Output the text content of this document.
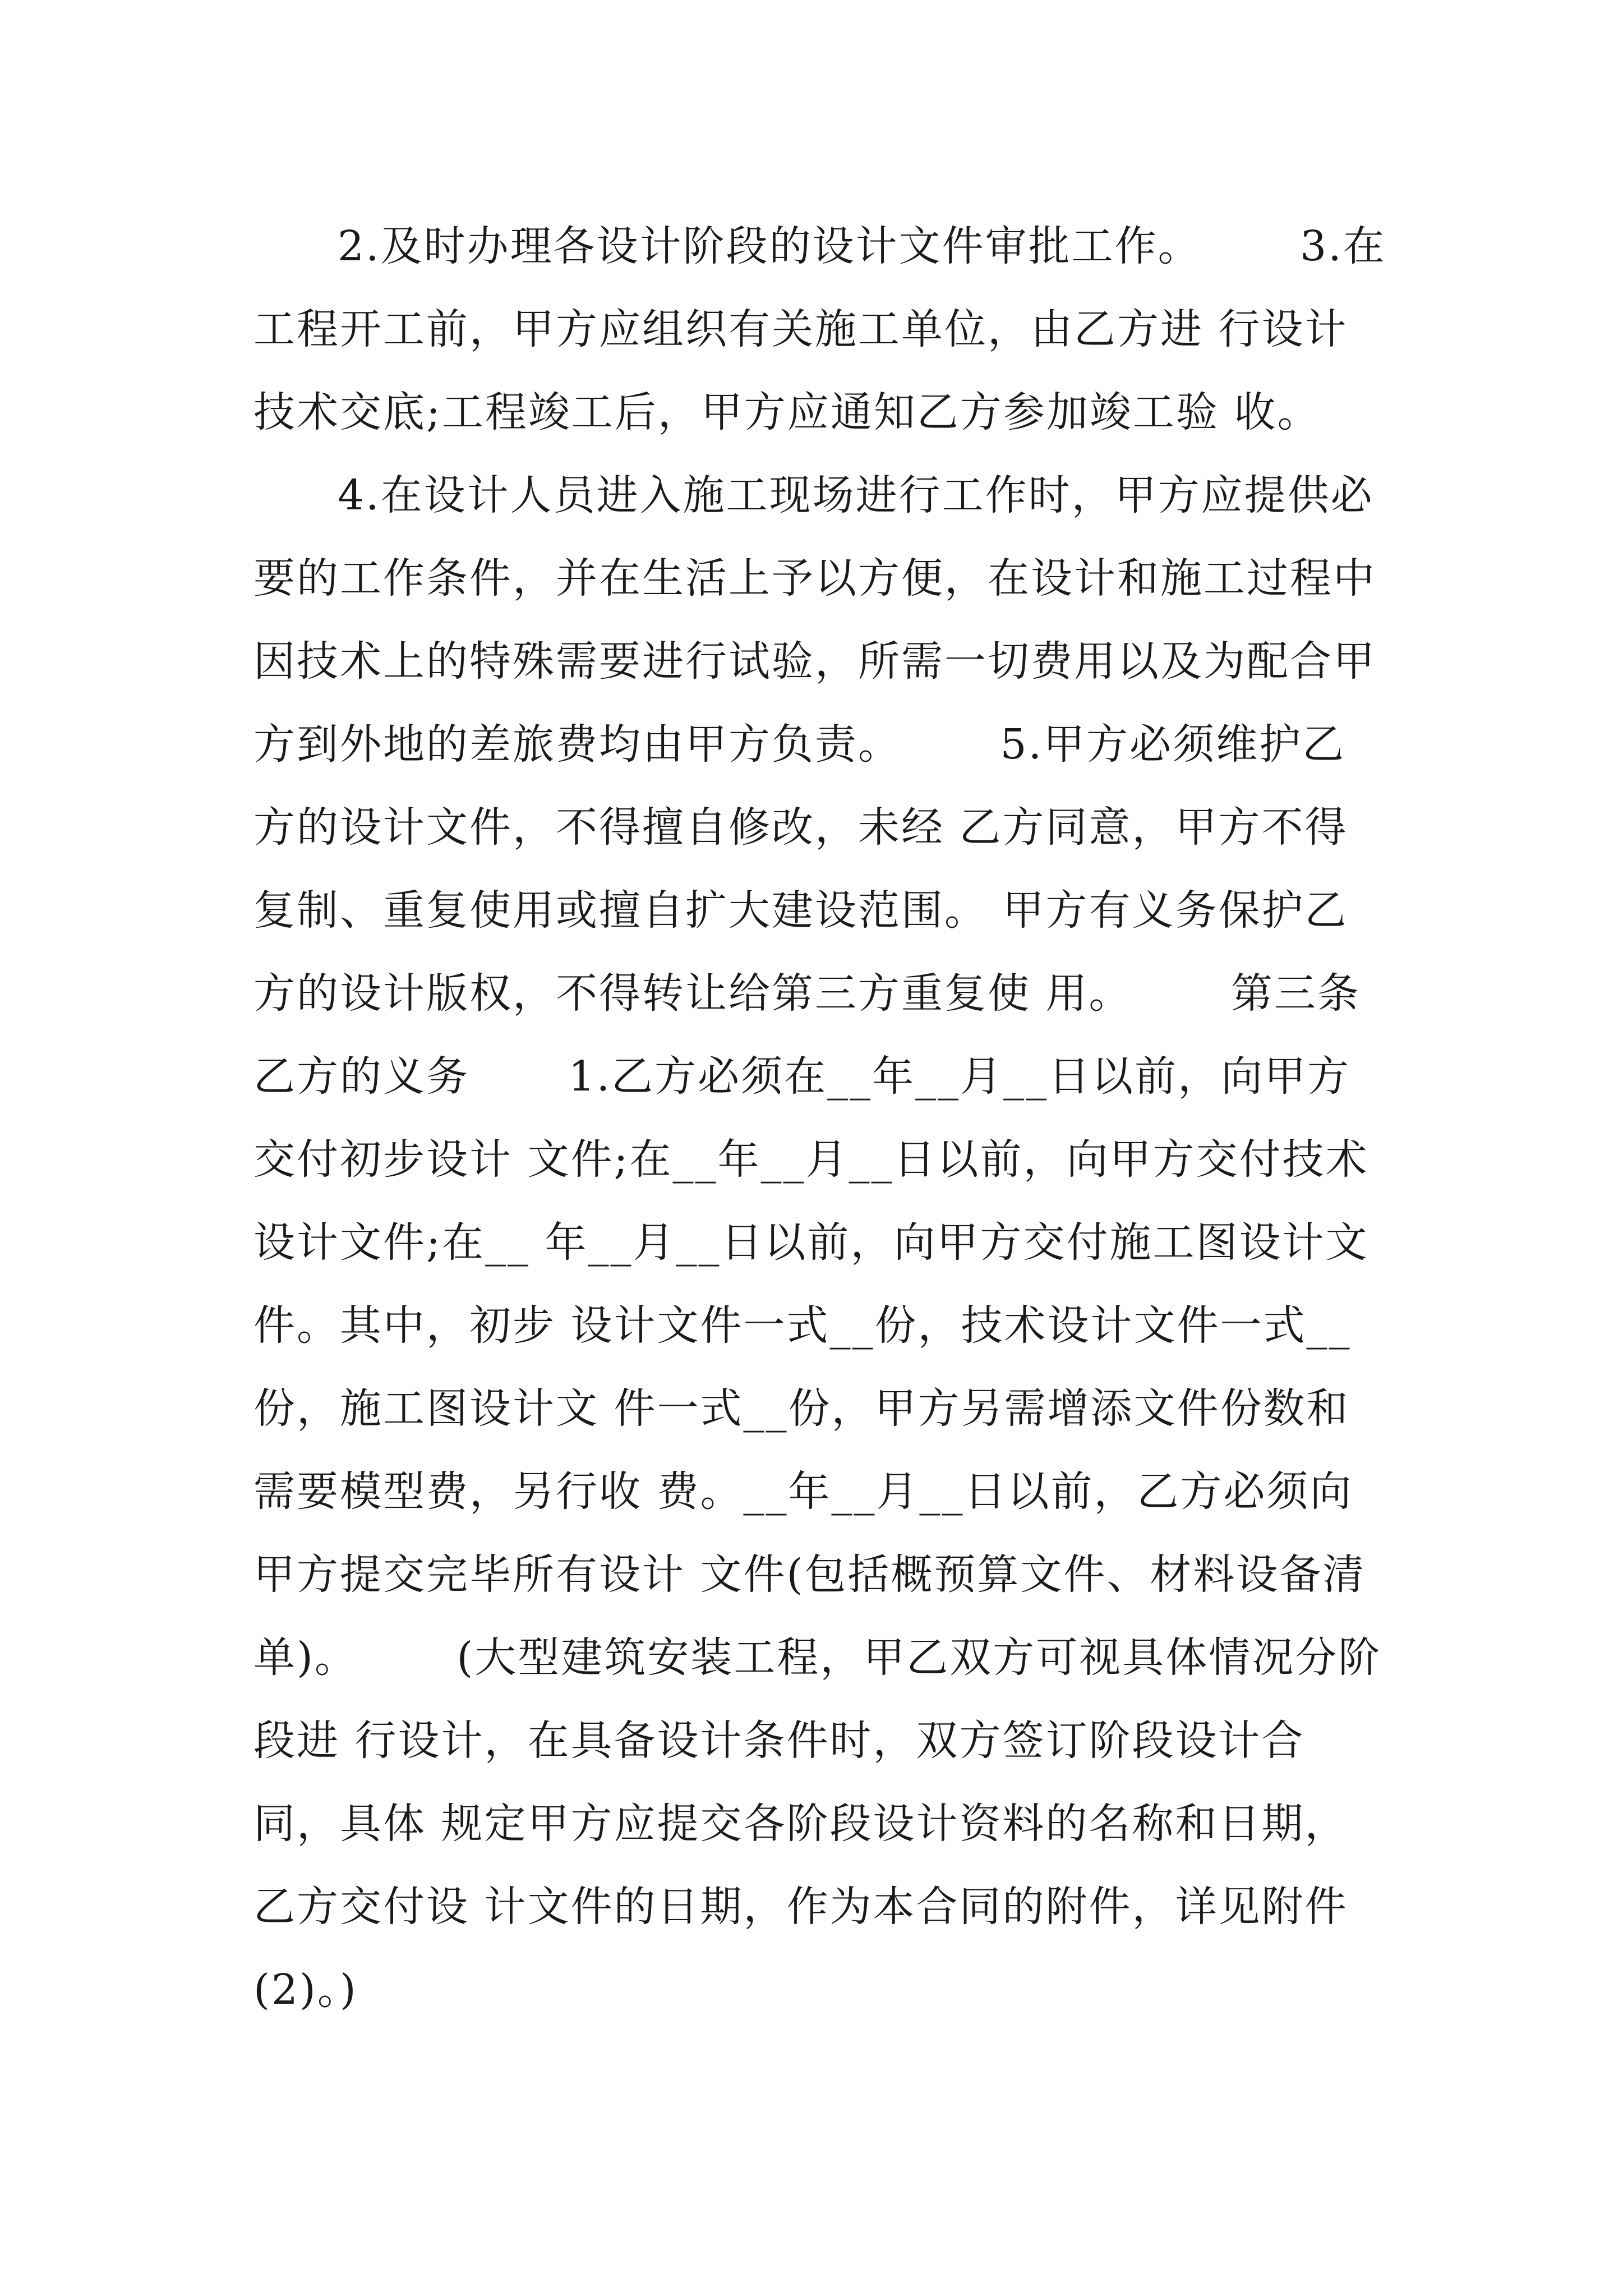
2.及时办理各设计阶段的设计文件审批工作。 3.在工程开工前，甲方应组织有关施工单位，由乙方进 行设计技术交底;工程竣工后，甲方应通知乙方参加竣工验 收。 4.在设计人员进入施工现场进行工作时，甲方应提供必 要的工作条件，并在生活上予以方便，在设计和施工过程中 因技术上的特殊需要进行试验，所需一切费用以及为配合甲 方到外地的差旅费均由甲方负责。 5.甲方必须维护乙方的设计文件，不得擅自修改，未经 乙方同意，甲方不得复制、重复使用或擅自扩大建设范围。 甲方有义务保护乙方的设计版权，不得转让给第三方重复使 用。 第三条乙方的义务 1.乙方必须在__年__月__日以前，向甲方交付初步设计 文件;在__年__月__日以前，向甲方交付技术设计文件;在__ 年__月__日以前，向甲方交付施工图设计文件。其中，初步 设计文件一式__份，技术设计文件一式__份，施工图设计文 件一式__份，甲方另需增添文件份数和需要模型费，另行收 费。__年__月__日以前，乙方必须向甲方提交完毕所有设计 文件(包括概预算文件、材料设备清单)。 (大型建筑安装工程，甲乙双方可视具体情况分阶段进 行设计，在具备设计条件时，双方签订阶段设计合同，具体 规定甲方应提交各阶段设计资料的名称和日期，乙方交付设 计文件的日期，作为本合同的附件，详见附件(2)。)
